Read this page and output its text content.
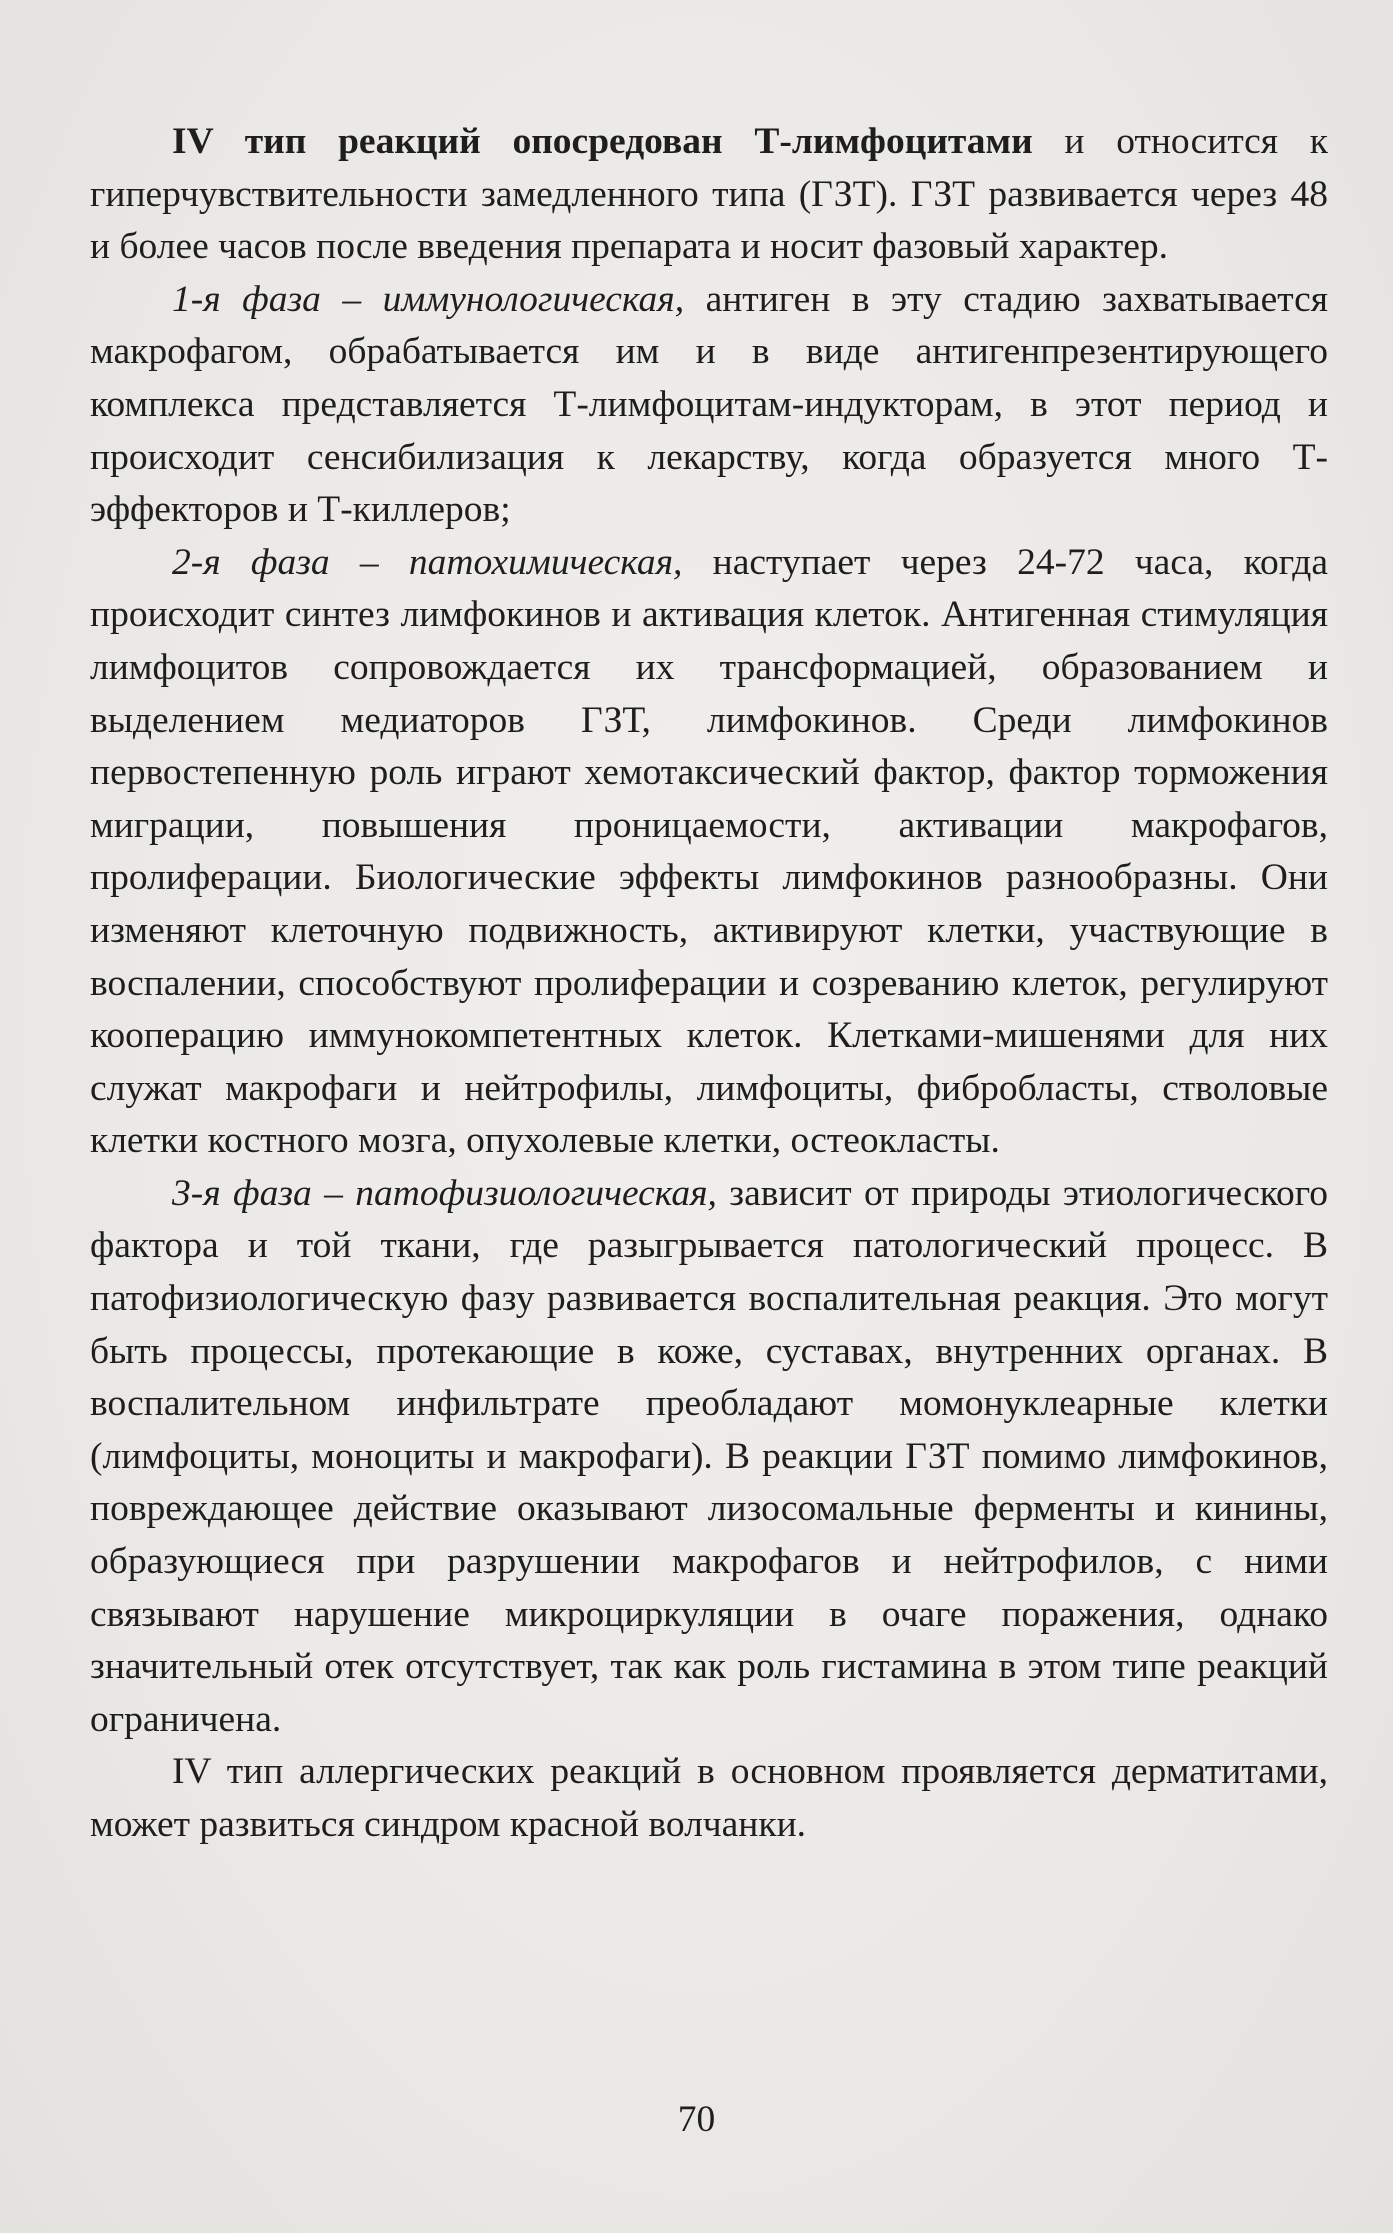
IV тип реакций опосредован Т-лимфоцитами и относится к гиперчувствительности замедленного типа (ГЗТ). ГЗТ развивается через 48 и более часов после введения препарата и носит фазовый характер.

1-я фаза – иммунологическая, антиген в эту стадию захватывается макрофагом, обрабатывается им и в виде антигенпрезентирующего комплекса представляется Т-лимфоцитам-индукторам, в этот период и происходит сенсибилизация к лекарству, когда образуется много Т-эффекторов и Т-киллеров;

2-я фаза – патохимическая, наступает через 24-72 часа, когда происходит синтез лимфокинов и активация клеток. Антигенная стимуляция лимфоцитов сопровождается их трансформацией, образованием и выделением медиаторов ГЗТ, лимфокинов. Среди лимфокинов первостепенную роль играют хемотаксический фактор, фактор торможения миграции, повышения проницаемости, активации макрофагов, пролиферации. Биологические эффекты лимфокинов разнообразны. Они изменяют клеточную подвижность, активируют клетки, участвующие в воспалении, способствуют пролиферации и созреванию клеток, регулируют кооперацию иммунокомпетентных клеток. Клетками-мишенями для них служат макрофаги и нейтрофилы, лимфоциты, фибробласты, стволовые клетки костного мозга, опухолевые клетки, остеокласты.

3-я фаза – патофизиологическая, зависит от природы этиологического фактора и той ткани, где разыгрывается патологический процесс. В патофизиологическую фазу развивается воспалительная реакция. Это могут быть процессы, протекающие в коже, суставах, внутренних органах. В воспалительном инфильтрате преобладают момонуклеарные клетки (лимфоциты, моноциты и макрофаги). В реакции ГЗТ помимо лимфокинов, повреждающее действие оказывают лизосомальные ферменты и кинины, образующиеся при разрушении макрофагов и нейтрофилов, с ними связывают нарушение микроциркуляции в очаге поражения, однако значительный отек отсутствует, так как роль гистамина в этом типе реакций ограничена.

IV тип аллергических реакций в основном проявляется дерматитами, может развиться синдром красной волчанки.

70
